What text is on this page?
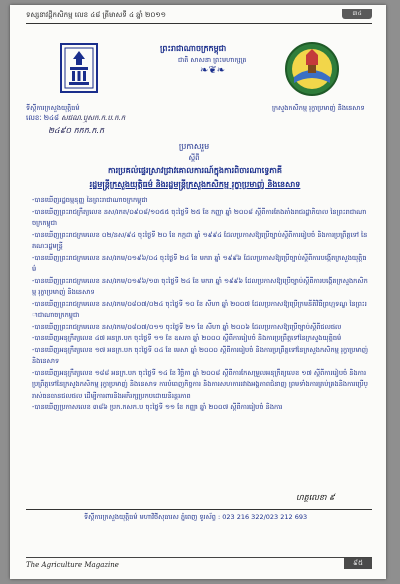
ទស្សនាវដ្តីកសិកម្ម លេខ ៤៨ ត្រីមាសទី ៤ ឆ្នាំ ២០១១	៣៤
ព្រះរាជាណាចក្រកម្ពុជា
ជាតិ សាសនា ព្រះមហាក្សត្រ
❧❦❧
ទីស្តីការក្រសួងយុត្តិធម៌	ក្រសួងកសិកម្ម រុក្ខាប្រមាញ់ និងនេសាទ
លេខៈ ២៤៨ សជណ.ឬសក.ក.ប.ក.ក
២៤៩០ កកក.ក.ក
ប្រកាសរួម
ស្តីពី
ការប្រគល់ផ្ទេរស្រាវជ្រាវគោលការណ៍ក្នុងការពិចារណាទ្វេភាគី
រដ្ឋមន្ត្រីក្រសួងយុត្តិធម៌ និងរដ្ឋមន្ត្រីក្រសួងកសិកម្ម រុក្ខាប្រមាញ់ និងនេសាទ
-បានឃើញរដ្ឋធម្មនុញ្ញ នៃព្រះរាជាណាចក្រកម្ពុជា
-បានឃើញព្រះរាជក្រឹត្យលេខ នស/រកត/០៩០៨/១០៥៥ ចុះថ្ងៃទី ២៥ ខែ កញ្ញា ឆ្នាំ ២០០៨ ស្តីពីការតែងតាំងរាជរដ្ឋាភិបាល នៃព្រះរាជាណាចក្រកម្ពុជា
-បានឃើញព្រះរាជក្រមលេខ ០២/នស/៩៤ ចុះថ្ងៃទី ២០ ខែ កក្កដា ឆ្នាំ ១៩៩៤ ដែលប្រកាសឱ្យប្រើច្បាប់ស្តីពីការរៀបចំ និងការប្រព្រឹត្តទៅ នៃគណៈរដ្ឋមន្ត្រី
-បានឃើញព្រះរាជក្រមលេខ នស/រកម/០១៩៦/០៤ ចុះថ្ងៃទី ២៤ ខែ មករា ឆ្នាំ ១៩៩៦ ដែលប្រកាសឱ្យប្រើច្បាប់ស្តីពីការបង្កើតក្រសួងយុត្តិធម៌
-បានឃើញព្រះរាជក្រមលេខ នស/រកម/០១៩៦/១៣ ចុះថ្ងៃទី ២៤ ខែ មករា ឆ្នាំ ១៩៩៦ ដែលប្រកាសឱ្យប្រើច្បាប់ស្តីពីការបង្កើតក្រសួងកសិកម្ម រុក្ខាប្រមាញ់ និងនេសាទ
-បានឃើញព្រះរាជក្រមលេខ នស/រកម/០៨០៧/០២៤ ចុះថ្ងៃទី ១០ ខែ សីហា ឆ្នាំ ២០០៧ ដែលប្រកាសឱ្យប្រើក្រមនីតិវិធីព្រហ្មទណ្ឌ នៃព្រះរាជាណាចក្រកម្ពុជា
-បានឃើញព្រះរាជក្រមលេខ នស/រកម/០៨០៧/០១១ ចុះថ្ងៃទី ២១ ខែ សីហា ឆ្នាំ ២០០៦ ដែលប្រកាសឱ្យប្រើច្បាប់ស្តីពីជលផល
-បានឃើញអនុក្រឹត្យលេខ ៤៧ អនក្រ.បក ចុះថ្ងៃទី ១១ ខែ ឧសភា ឆ្នាំ ២០០០ ស្តីពីការរៀបចំ និងការប្រព្រឹត្តទៅនៃក្រសួងយុត្តិធម៌
-បានឃើញអនុក្រឹត្យលេខ ១៧ អនក្រ.បក ចុះថ្ងៃទី ០៤ ខែ មេសា ឆ្នាំ ២០០០ ស្តីពីការរៀបចំ និងការប្រព្រឹត្តទៅនៃក្រសួងកសិកម្ម រុក្ខាប្រមាញ់ និងនេសាទ
-បានឃើញអនុក្រឹត្យលេខ ១៨៨ អនក្រ.បក ចុះថ្ងៃទី ១៤ ខែ វិច្ឆិកា ឆ្នាំ ២០០៨ ស្តីពីការកែសម្រួលអនុក្រឹត្យលេខ ១៧ ស្តីពីការរៀបចំ និងការប្រព្រឹត្តទៅនៃក្រសួងកសិកម្ម រុក្ខាប្រមាញ់ និងនេសាទ ការបំពេញកិច្ចការ និងការសហការរវាងអង្គភាពជំនាញ ព្រមទាំងការគ្រប់គ្រងនិងការប្រើប្រាស់ធនធានជលផល ដើម្បីការពារនិងអភិរក្សប្រកបដោយនិរន្តរភាព
-បានឃើញប្រកាសលេខ ៣៨៦ ប្រក.កសក.ប ចុះថ្ងៃទី ១១ ខែ កញ្ញា ឆ្នាំ ២០០៧ ស្តីពីការរៀបចំ និងការ
ហត្ថលេខា ៩
ទីស្តីការក្រសួងយុត្តិធម៌ មហាវិថីសុធារស ភ្នំពេញ ទូរស័ព្ទ : 023 216 322/023 212 693
The Agriculture Magazine	៩៥
